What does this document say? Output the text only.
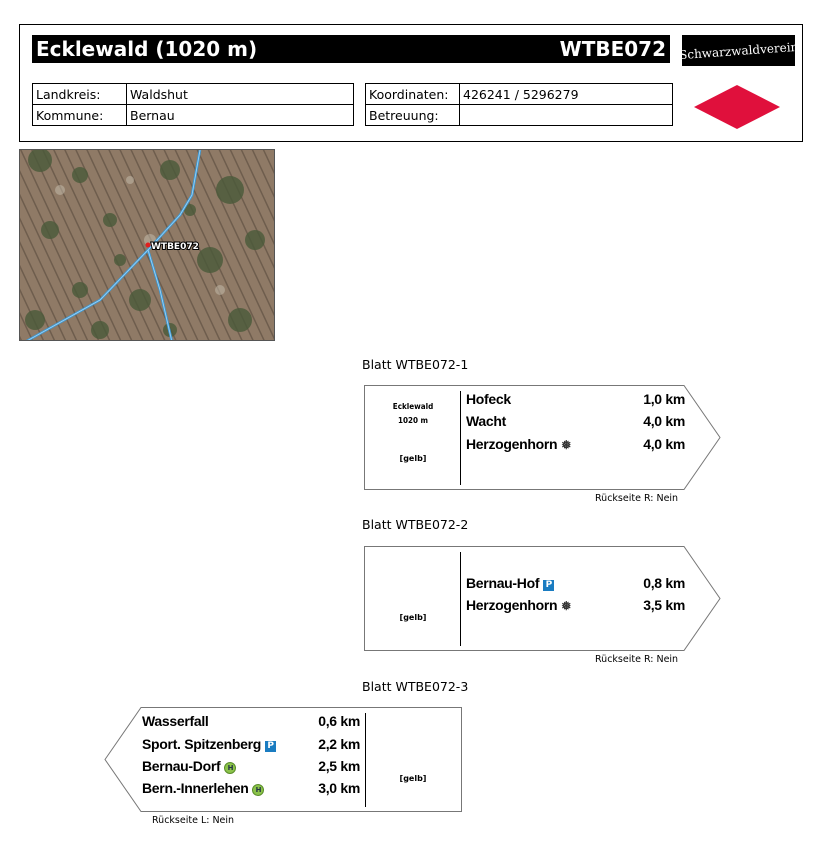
Ecklewald (1020 m)	WTBE072 Schwarzwaldverein
Landkreis:	Waldshut
Kommune:	Bernau
Koordinaten:	426241 / 5296279
Betreuung:	
WTBE072
Blatt WTBE072-1
Ecklewald
1020 m
[gelb]
Hofeck	1,0 km
Wacht	4,0 km
Herzogenhorn ❅	4,0 km
Rückseite R: Nein
Blatt WTBE072-2
[gelb]
Bernau-Hof P	0,8 km
Herzogenhorn ❅	3,5 km
Rückseite R: Nein
Blatt WTBE072-3
[gelb]
Wasserfall	0,6 km
Sport. Spitzenberg P	2,2 km
Bernau-Dorf H	2,5 km
Bern.-Innerlehen H	3,0 km
Rückseite L: Nein
